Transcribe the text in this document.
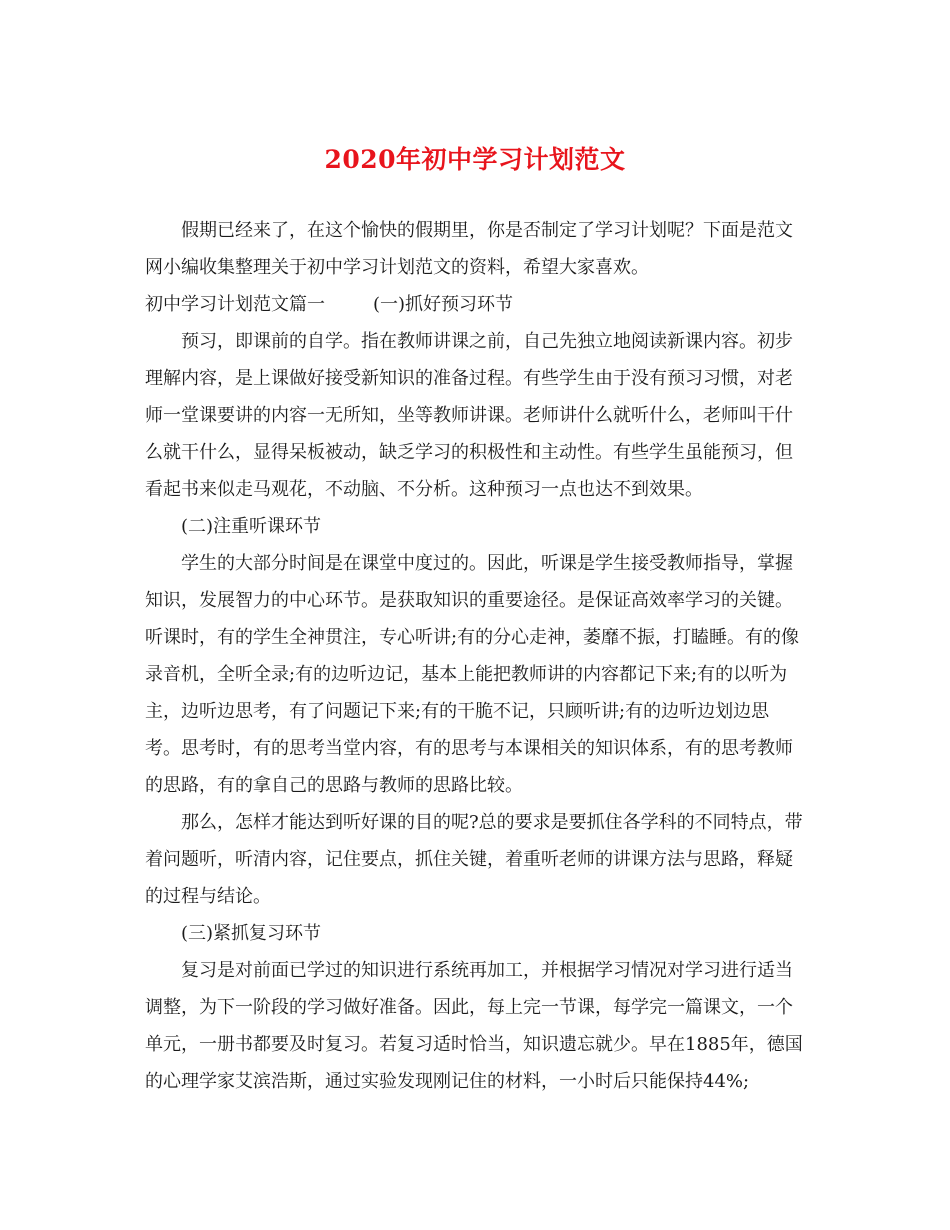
2020年初中学习计划范文

假期已经来了，在这个愉快的假期里，你是否制定了学习计划呢？下面是范文网小编收集整理关于初中学习计划范文的资料，希望大家喜欢。

初中学习计划范文篇一	(一)抓好预习环节

预习，即课前的自学。指在教师讲课之前，自己先独立地阅读新课内容。初步理解内容，是上课做好接受新知识的准备过程。有些学生由于没有预习习惯，对老师一堂课要讲的内容一无所知，坐等教师讲课。老师讲什么就听什么，老师叫干什么就干什么，显得呆板被动，缺乏学习的积极性和主动性。有些学生虽能预习，但看起书来似走马观花，不动脑、不分析。这种预习一点也达不到效果。

(二)注重听课环节

学生的大部分时间是在课堂中度过的。因此，听课是学生接受教师指导，掌握知识，发展智力的中心环节。是获取知识的重要途径。是保证高效率学习的关键。听课时，有的学生全神贯注，专心听讲;有的分心走神，萎靡不振，打瞌睡。有的像录音机，全听全录;有的边听边记，基本上能把教师讲的内容都记下来;有的以听为主，边听边思考，有了问题记下来;有的干脆不记，只顾听讲;有的边听边划边思考。思考时，有的思考当堂内容，有的思考与本课相关的知识体系，有的思考教师的思路，有的拿自己的思路与教师的思路比较。

那么，怎样才能达到听好课的目的呢?总的要求是要抓住各学科的不同特点，带着问题听，听清内容，记住要点，抓住关键，着重听老师的讲课方法与思路，释疑的过程与结论。

(三)紧抓复习环节

复习是对前面已学过的知识进行系统再加工，并根据学习情况对学习进行适当调整，为下一阶段的学习做好准备。因此，每上完一节课，每学完一篇课文，一个单元，一册书都要及时复习。若复习适时恰当，知识遗忘就少。早在1885年，德国的心理学家艾滨浩斯，通过实验发现刚记住的材料，一小时后只能保持44%;
